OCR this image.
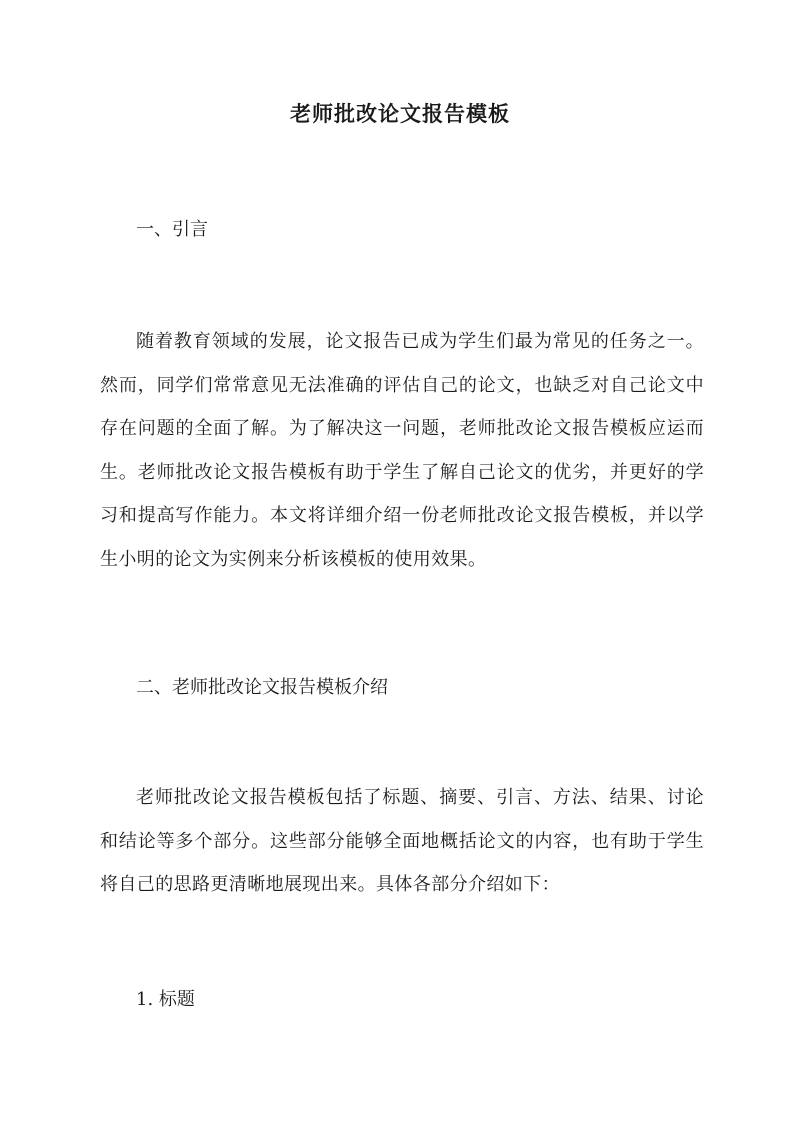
老师批改论文报告模板
一、引言

随着教育领域的发展，论文报告已成为学生们最为常见的任务之一。然而，同学们常常意见无法准确的评估自己的论文，也缺乏对自己论文中存在问题的全面了解。为了解决这一问题，老师批改论文报告模板应运而生。老师批改论文报告模板有助于学生了解自己论文的优劣，并更好的学习和提高写作能力。本文将详细介绍一份老师批改论文报告模板，并以学生小明的论文为实例来分析该模板的使用效果。

二、老师批改论文报告模板介绍

老师批改论文报告模板包括了标题、摘要、引言、方法、结果、讨论和结论等多个部分。这些部分能够全面地概括论文的内容，也有助于学生将自己的思路更清晰地展现出来。具体各部分介绍如下：

1. 标题
